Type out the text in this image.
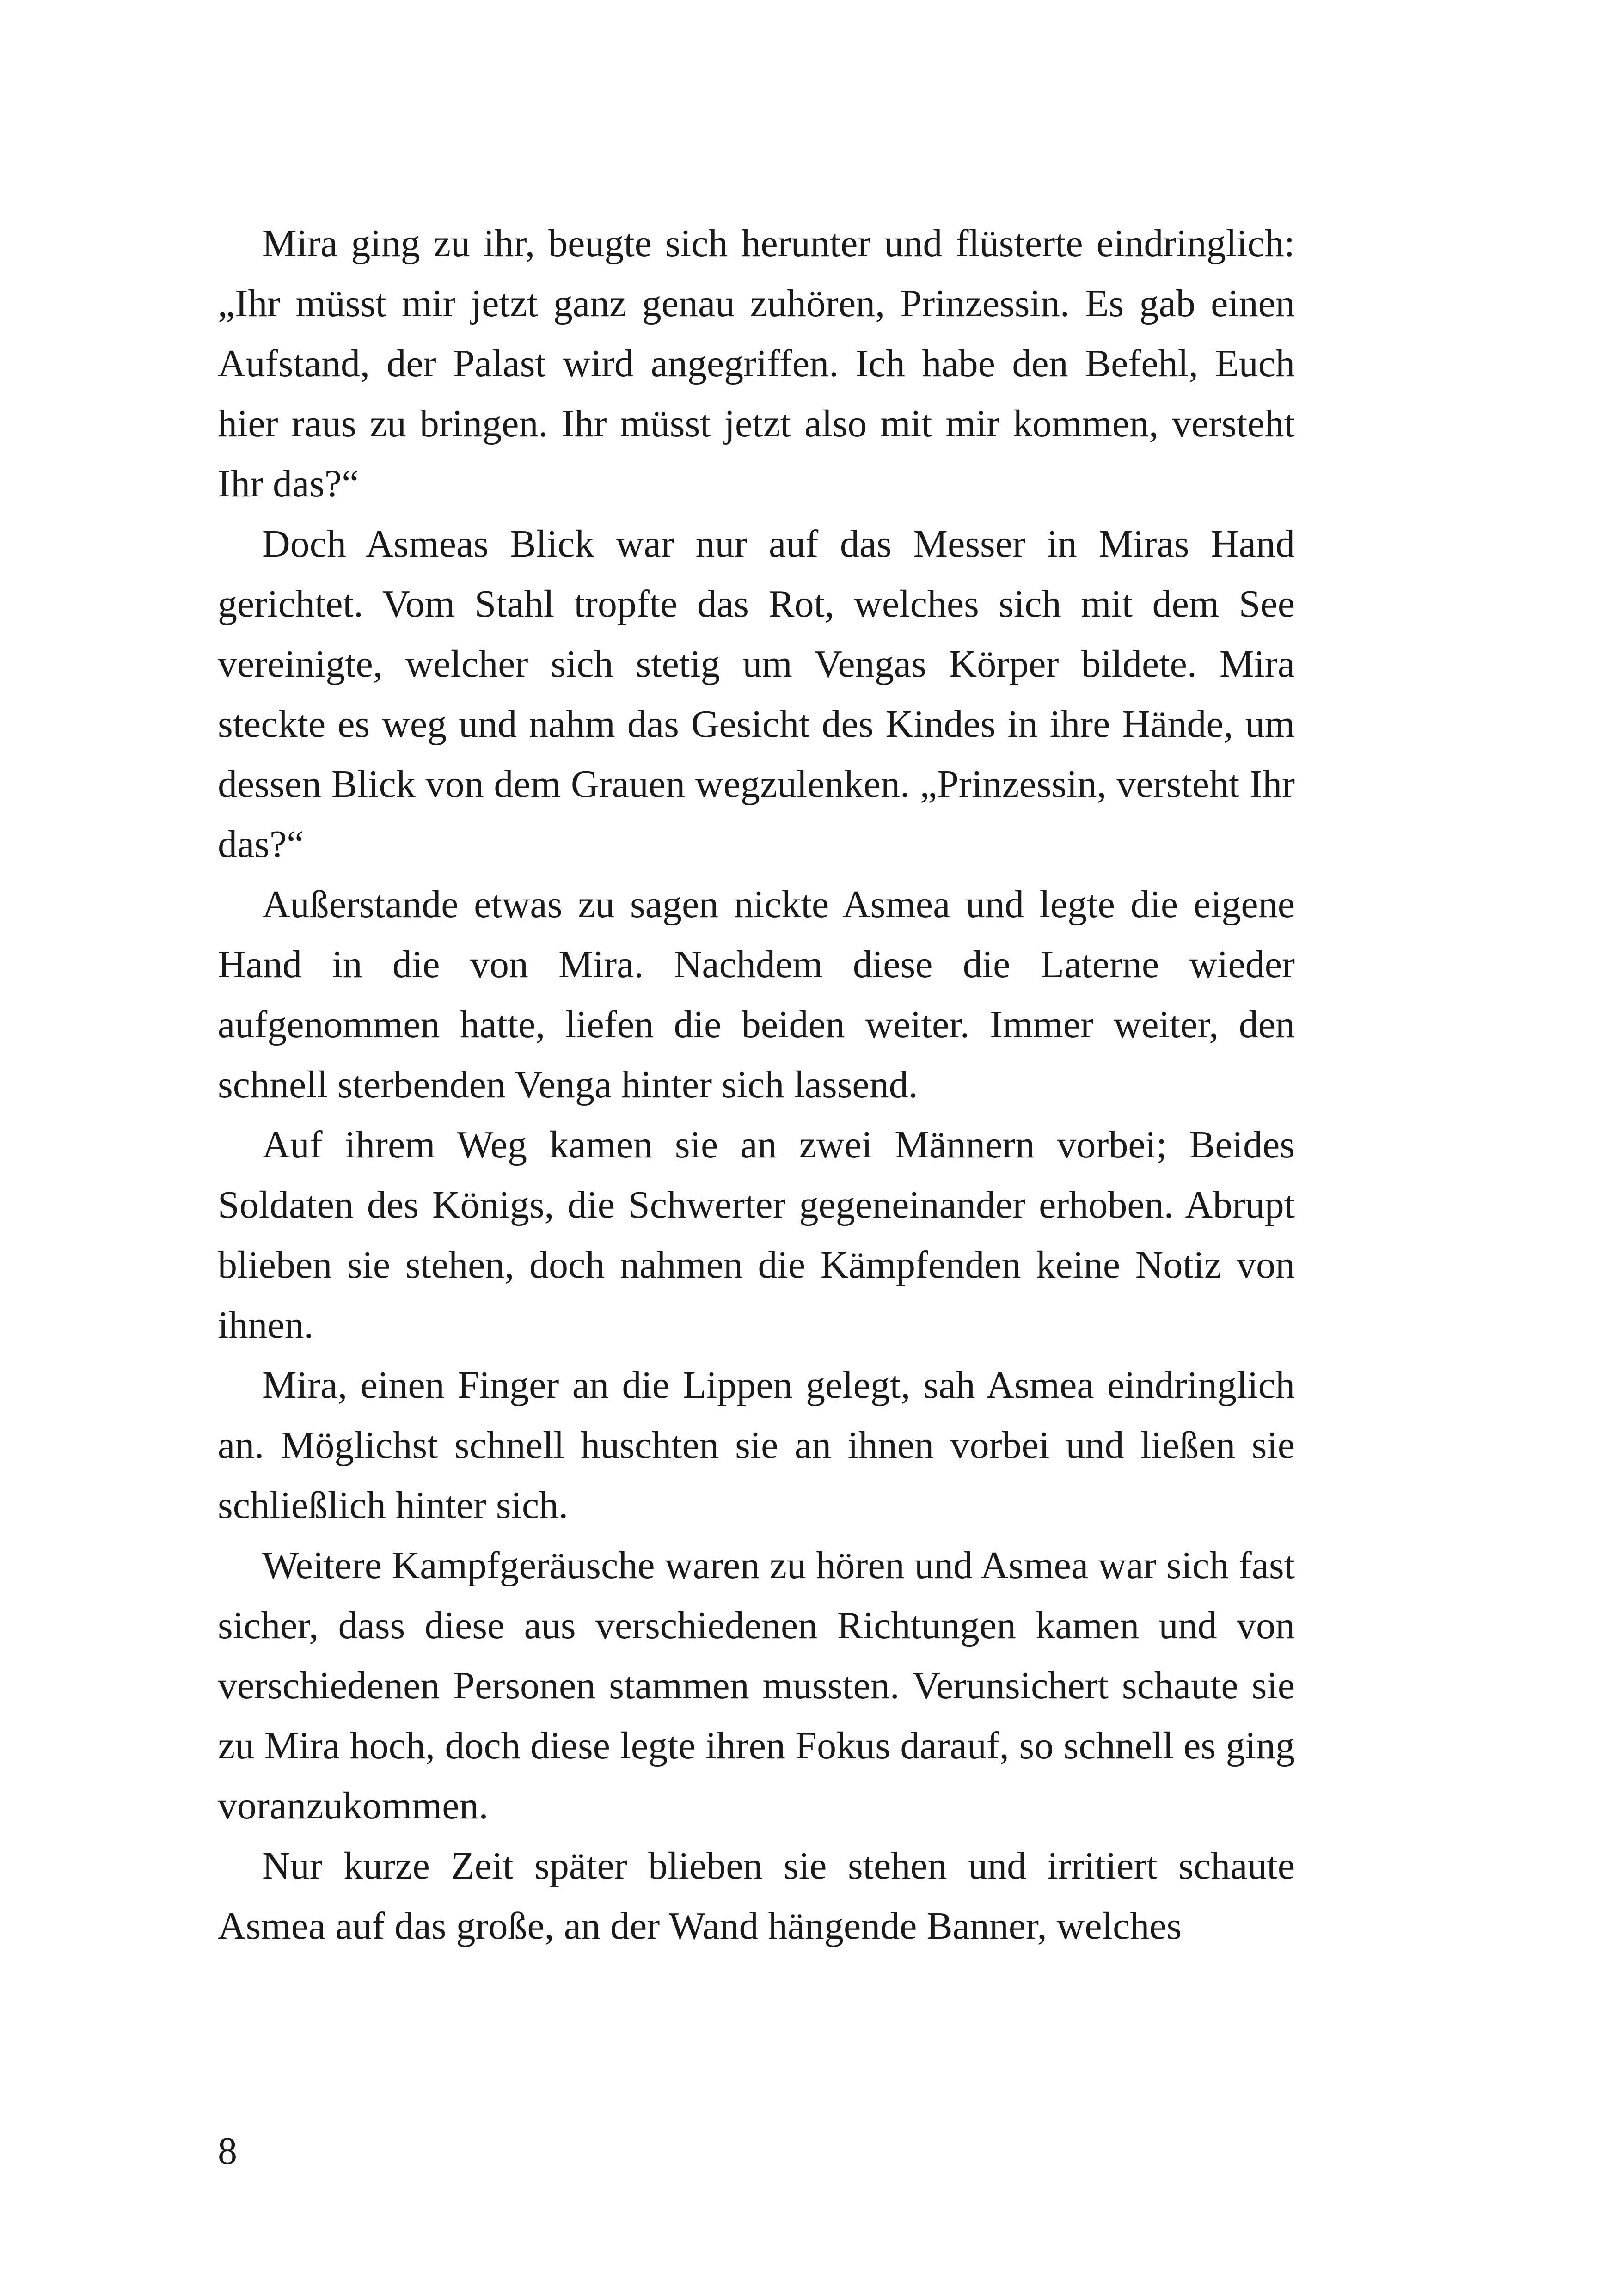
Mira ging zu ihr, beugte sich herunter und flüsterte eindringlich: „Ihr müsst mir jetzt ganz genau zuhören, Prinzessin. Es gab einen Aufstand, der Palast wird angegriffen. Ich habe den Befehl, Euch hier raus zu bringen. Ihr müsst jetzt also mit mir kommen, versteht Ihr das?“

Doch Asmeas Blick war nur auf das Messer in Miras Hand gerichtet. Vom Stahl tropfte das Rot, welches sich mit dem See vereinigte, welcher sich stetig um Vengas Körper bildete. Mira steckte es weg und nahm das Gesicht des Kindes in ihre Hände, um dessen Blick von dem Grauen wegzulenken. „Prinzessin, versteht Ihr das?“

Außerstande etwas zu sagen nickte Asmea und legte die eigene Hand in die von Mira. Nachdem diese die Laterne wieder aufgenommen hatte, liefen die beiden weiter. Immer weiter, den schnell sterbenden Venga hinter sich lassend.

Auf ihrem Weg kamen sie an zwei Männern vorbei; Beides Soldaten des Königs, die Schwerter gegeneinander erhoben. Abrupt blieben sie stehen, doch nahmen die Kämpfenden keine Notiz von ihnen.

Mira, einen Finger an die Lippen gelegt, sah Asmea eindringlich an. Möglichst schnell huschten sie an ihnen vorbei und ließen sie schließlich hinter sich.

Weitere Kampfgeräusche waren zu hören und Asmea war sich fast sicher, dass diese aus verschiedenen Richtungen kamen und von verschiedenen Personen stammen mussten. Verunsichert schaute sie zu Mira hoch, doch diese legte ihren Fokus darauf, so schnell es ging voranzukommen.

Nur kurze Zeit später blieben sie stehen und irritiert schaute Asmea auf das große, an der Wand hängende Banner, welches

8
